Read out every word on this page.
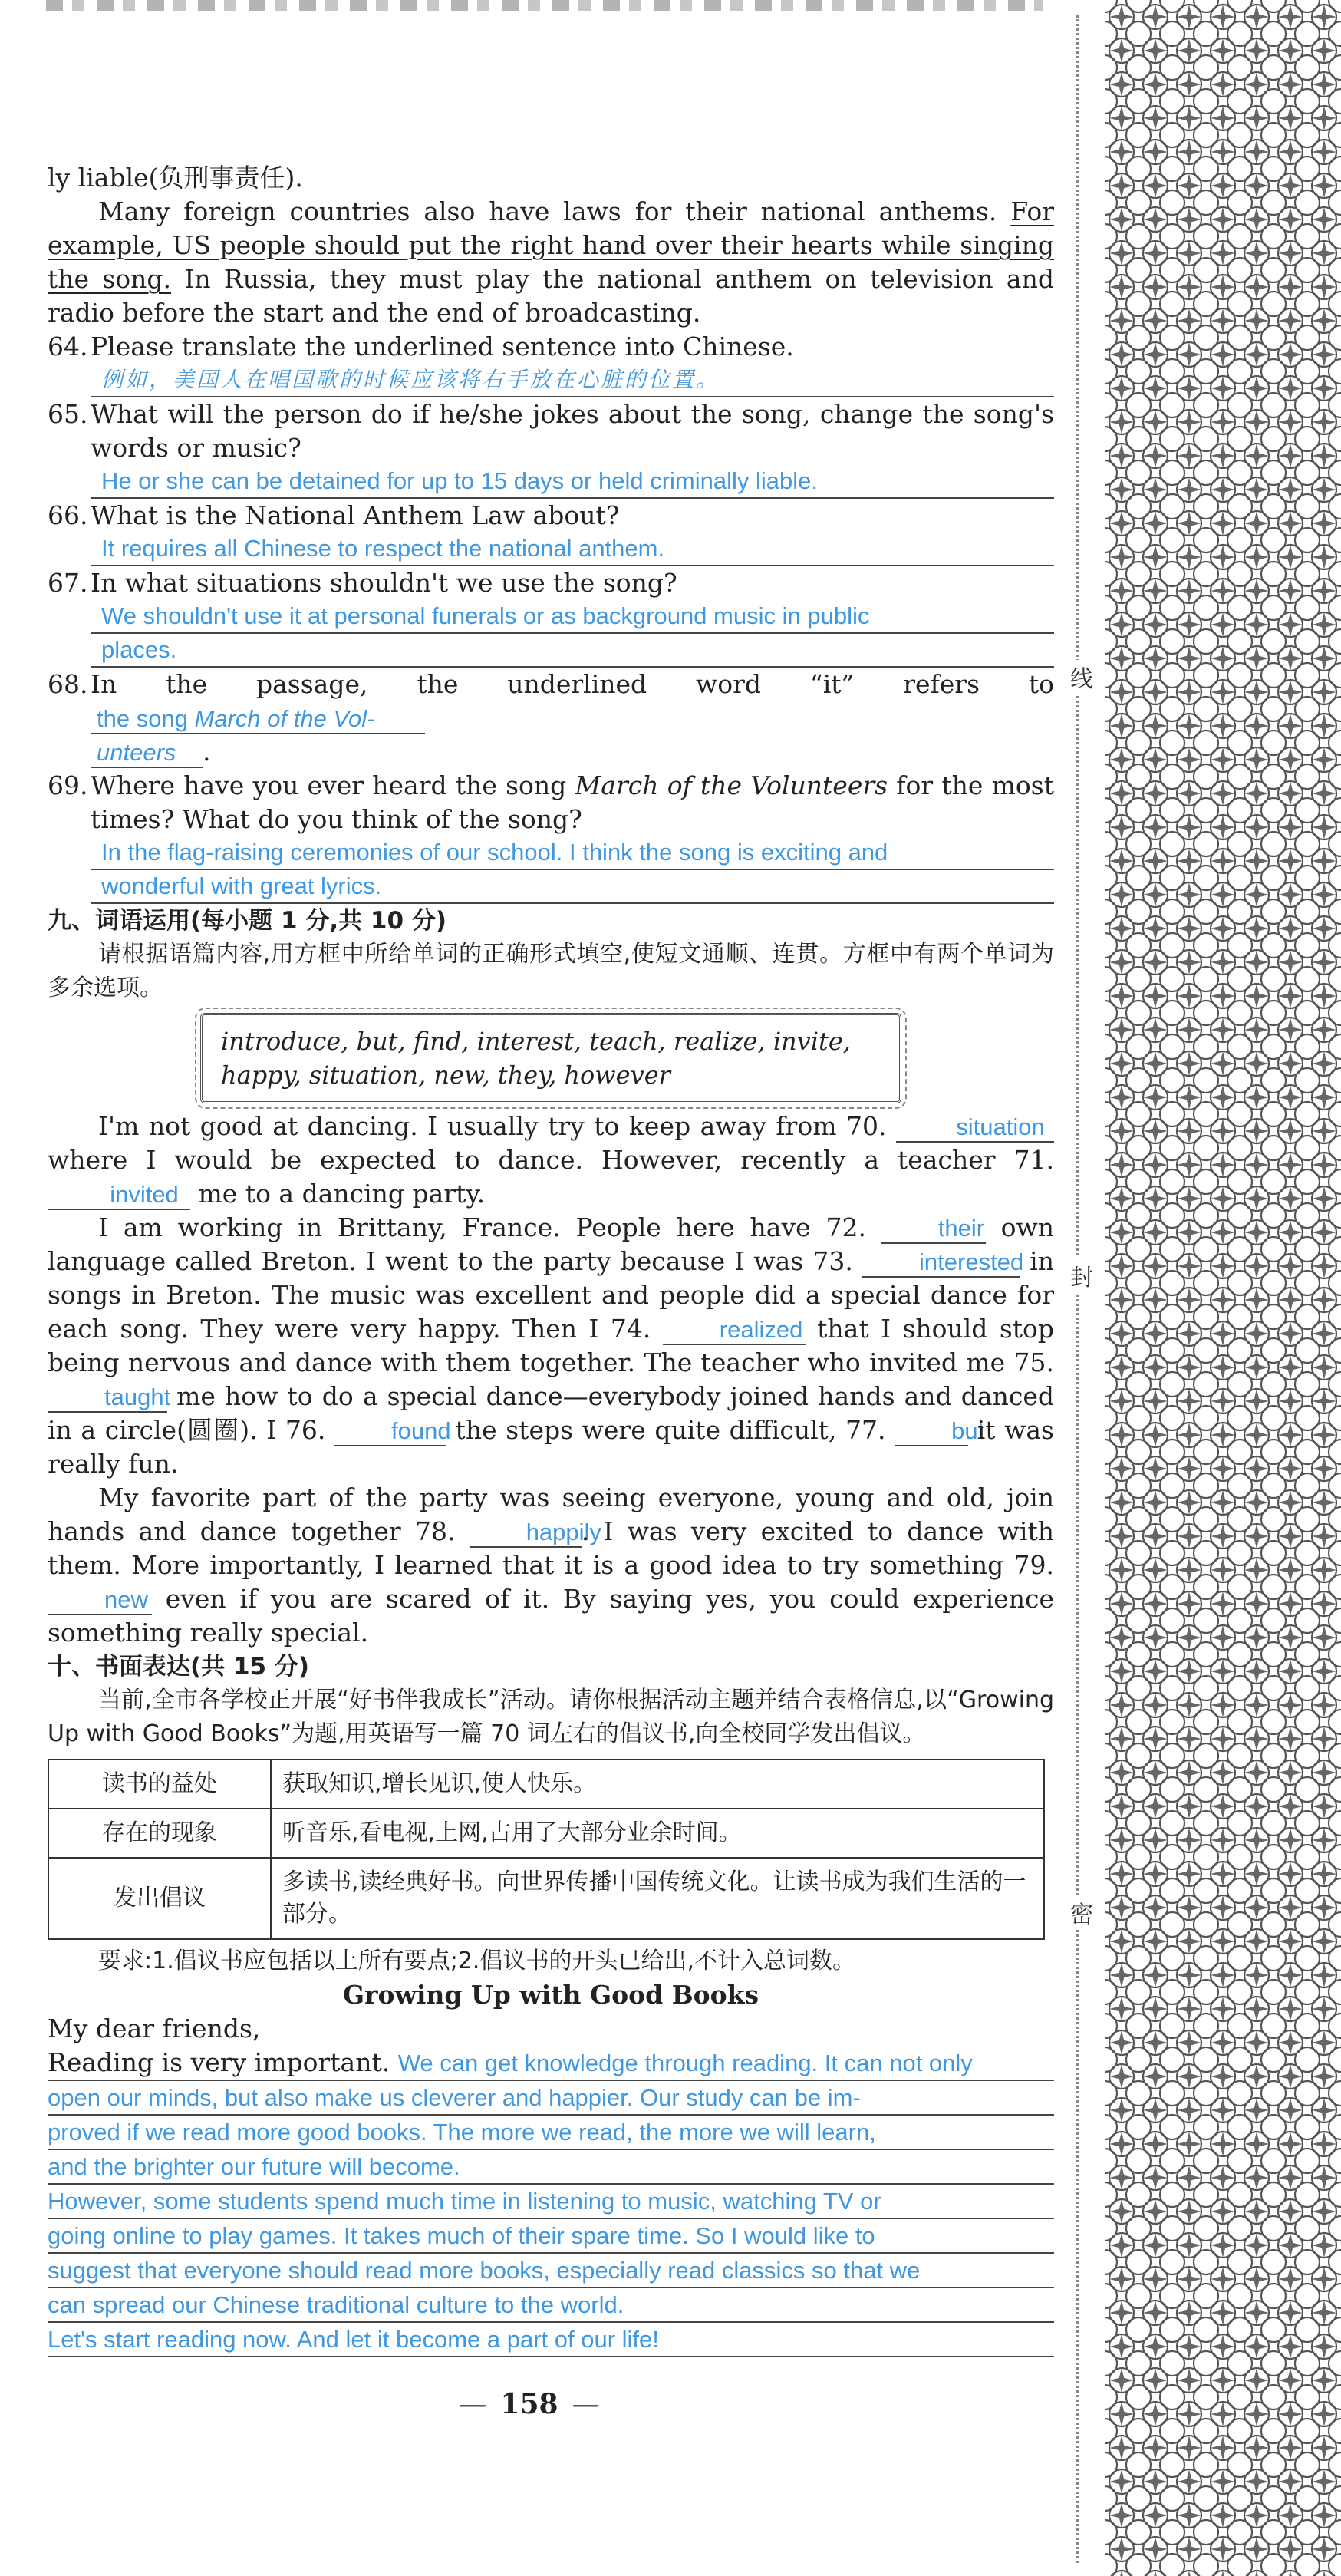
ly liable(负刑事责任).

Many foreign countries also have laws for their national anthems. For example, US people should put the right hand over their hearts while singing the song. In Russia, they must play the national anthem on television and radio before the start and the end of broadcasting.

64. Please translate the underlined sentence into Chinese.
例如，美国人在唱国歌的时候应该将右手放在心脏的位置。
65. What will the person do if he/she jokes about the song, change the song's words or music?
He or she can be detained for up to 15 days or held criminally liable.
66. What is the National Anthem Law about?
It requires all Chinese to respect the national anthem.
67. In what situations shouldn't we use the song?
We shouldn't use it at personal funerals or as background music in public
places.
68. In the passage, the underlined word “it” refers to the song March of the Vol-
unteers .
69. Where have you ever heard the song March of the Volunteers for the most times? What do you think of the song?
In the flag-raising ceremonies of our school. I think the song is exciting and
wonderful with great lyrics.

九、词语运用(每小题 1 分,共 10 分)

请根据语篇内容,用方框中所给单词的正确形式填空,使短文通顺、连贯。方框中有两个单词为多余选项。

introduce, but, find, interest, teach, realize, invite,
happy, situation, new, they, however

I'm not good at dancing. I usually try to keep away from 70.	situation where I would be expected to dance. However, recently a teacher 71. invited me to a dancing party.

I am working in Brittany, France. People here have 72.	their own language called Breton. I went to the party because I was 73.	interested in songs in Breton. The music was excellent and people did a special dance for each song. They were very happy. Then I 74.	realized that I should stop being nervous and dance with them together. The teacher who invited me 75. taught me how to do a special dance—everybody joined hands and danced in a circle(圆圈). I 76.	found the steps were quite difficult, 77.	but it was really fun.

My favorite part of the party was seeing everyone, young and old, join hands and dance together 78.	happily. I was very excited to dance with them. More importantly, I learned that it is a good idea to try something 79. new even if you are scared of it. By saying yes, you could experience something really special.

十、书面表达(共 15 分)

当前,全市各学校正开展“好书伴我成长”活动。请你根据活动主题并结合表格信息,以“Growing Up with Good Books”为题,用英语写一篇 70 词左右的倡议书,向全校同学发出倡议。

读书的益处	获取知识,增长见识,使人快乐。
存在的现象	听音乐,看电视,上网,占用了大部分业余时间。
发出倡议	多读书,读经典好书。向世界传播中国传统文化。让读书成为我们生活的一部分。

要求:1.倡议书应包括以上所有要点;2.倡议书的开头已给出,不计入总词数。

Growing Up with Good Books

My dear friends,

Reading is very important. We can get knowledge through reading. It can not only
open our minds, but also make us cleverer and happier. Our study can be im-
proved if we read more good books. The more we read, the more we will learn,
and the brighter our future will become.
However, some students spend much time in listening to music, watching TV or
going online to play games. It takes much of their spare time. So I would like to
suggest that everyone should read more books, especially read classics so that we
can spread our Chinese traditional culture to the world.
Let's start reading now. And let it become a part of our life!
— 158 —
线
封
密
